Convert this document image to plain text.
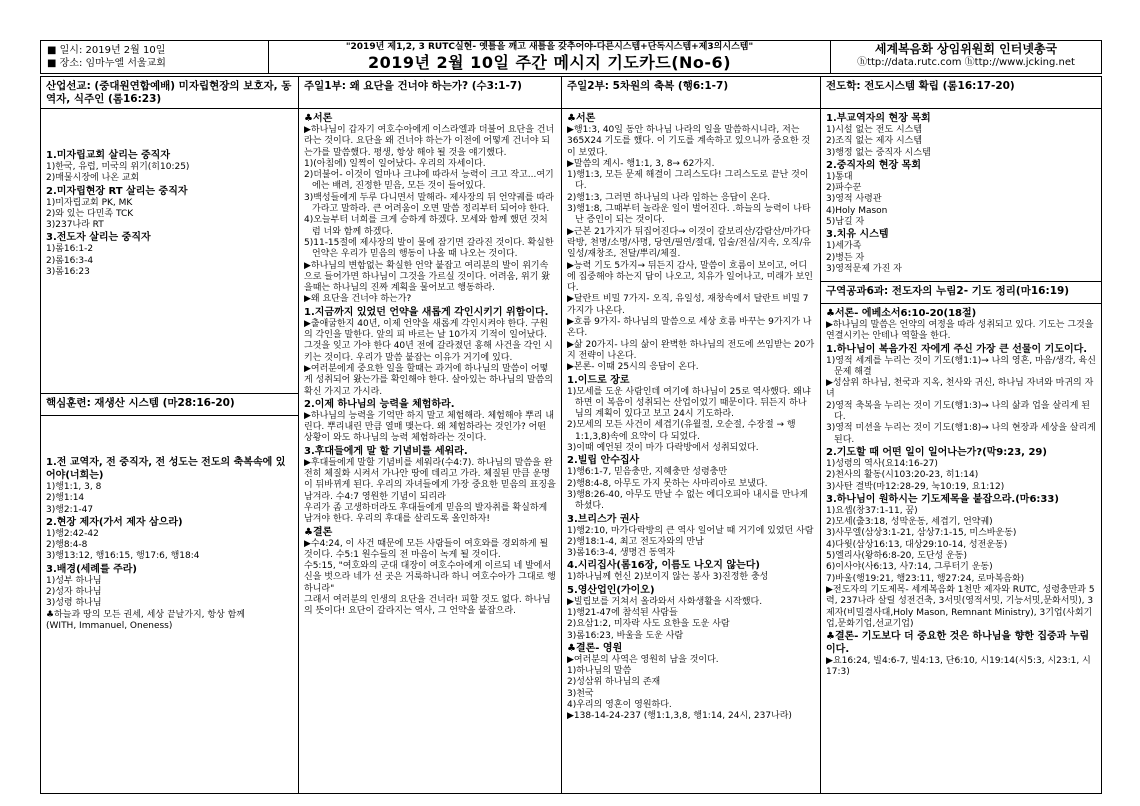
■ 일시: 2019년 2월 10일
■ 장소: 임마누엘 서울교회
"2019년 제1,2, 3 RUTC실현- 옛틀을 깨고 새틀을 갖추어야-다른시스템+단독시스템+제3의시스템"
2019년 2월 10일 주간 메시지 기도카드(No-6)
세계복음화 상임위원회 인터넷총국
ⓗttp://data.rutc.com ⓗttp://www.jcking.net
산업선교: (중대원연합예배) 미자립현장의 보호자, 동역자, 식주인 (롬16:23)

1.미자립교회 살리는 중직자

1)한국, 유럽, 미국의 위기(히10:25)

2)매물시장에 나온 교회

2.미자립현장 RT 살리는 중직자

1)미자립교회 PK, MK

2)와 있는 다민족 TCK

3)237나라 RT

3.전도자 살리는 중직자

1)롬16:1-2

2)롬16:3-4

3)롬16:23

핵심훈련: 재생산 시스템 (마28:16-20)

1.전 교역자, 전 중직자, 전 성도는 전도의 축복속에 있어야(너희는)

1)행1:1, 3, 8

2)행1:14

3)행2:1-47

2.현장 제자(가서 제자 삼으라)

1)행2:42-42

2)행8:4-8

3)행13:12, 행16:15, 행17:6, 행18:4

3.배경(세례를 주라)

1)성부 하나님

2)성자 하나님

3)성령 하나님

♣하늘과 땅의 모든 권세, 세상 끝날가지, 항상 함께

(WITH, Immanuel, Oneness)

주일1부: 왜 요단을 건너야 하는가? (수3:1-7)

♣서론

▶하나님이 갑자기 여호수아에게 이스라엘과 더불어 요단을 건너라는 것이다. 요단을 왜 건너야 하는가 이전에 어떻게 건너야 되는가를 말씀했다. 평생, 항상 해야 될 것을 얘기했다.

1)(아침에) 일찍이 일어났다- 우리의 자세이다.

2)더불어- 이것이 얼마나 크냐에 따라서 능력이 크고 작고...여기에는 배려, 진정한 믿음, 모든 것이 들어있다.

3)백성들에게 두루 다니면서 말해라- 제사장의 뒤 언약궤를 따라가라고 말하라. 큰 어려움이 오면 말씀 정리부터 되어야 한다.

4)오늘부터 너희를 크게 승하게 하겠다. 모세와 함께 했던 것처럼 너와 함께 하겠다.

5)11-15절에 제사장의 발이 물에 잠기면 갈라진 것이다. 확실한 언약은 우리가 믿음의 행동이 나올 때 나오는 것이다.

▶하나님의 변함없는 확실한 언약 붙잡고 여리분의 발이 위기속으로 들어가면 하나님이 그것을 가르실 것이다. 어려움, 위기 왔을때는 하나님의 진짜 계획을 물어보고 행동하라.

▶왜 요단을 건너야 하는가?

1.지금까지 있었던 언약을 새롭게 각인시키기 위함이다.

▶출애굽한지 40년, 이제 언약을 새롭게 각인시켜야 한다. 구원의 각인을 말한다. 앞의 피 바르는 날 10가지 기적이 일어났다. 그것을 잊고 가야 한다 40년 전에 갈라졌던 홍해 사건을 각인 시키는 것이다. 우리가 말씀 붙잡는 이유가 거기에 있다.

▶여러분에게 중요한 일을 할때는 과거에 하나님의 말씀이 어떻게 성취되어 왔는가를 확인해야 한다. 살아있는 하나님의 말씀의 확신 가지고 가시라.

2.이제 하나님의 능력을 체험하라.

▶하나님의 능력을 기억만 하지 말고 체험해라. 체험해야 뿌리 내린다. 뿌리내린 만큼 열매 맺는다. 왜 체험하라는 것인가? 어떤 상황이 와도 하나님의 능력 체험하라는 것이다.

3.후대들에게 말 할 기념비를 세워라.

▶후대들에게 말할 기념비를 세워라(수4:7). 하나님의 말씀을 완전히 체질화 시켜서 가나안 땅에 데리고 가라. 체질된 만큼 운명이 뒤바뀌게 된다. 우리의 자녀들에게 가장 중요한 믿음의 표징을 남겨라. 수4:7 영원한 기념이 되리라

우리가 좀 고생하더라도 후대들에게 믿음의 발자취를 확실하게 남겨야 한다. 우리의 후대를 살리도록 올인하자!

♣결론

▶수4:24, 이 사건 때문에 모든 사람들이 여호와를 경외하게 될 것이다. 수5:1 원수들의 전 마음이 녹게 될 것이다.

수5:15, "여호와의 군대 대장이 여호수아에게 이르되 네 발에서 신을 벗으라 네가 선 곳은 거룩하니라 하니 여호수아가 그대로 행하니라"

그래서 여러분의 인생의 요단을 건너라! 피할 것도 없다. 하나님의 뜻이다! 요단이 갈라지는 역사, 그 언약을 붙잡으라.

주일2부: 5차원의 축복 (행6:1-7)

♣서론

▶행1:3, 40일 동안 하나님 나라의 일을 말씀하시니라, 저는 365X24 기도를 했다. 이 기도를 계속하고 있으니까 중요한 것이 보였다.

▶말씀의 계시- 행1:1, 3, 8→ 62가지.

1)행1:3, 모든 문제 해결이 그리스도다! 그리스도로 끝난 것이다.

2)행1:3, 그러면 하나님의 나라 임하는 응답이 온다.

3)행1:8, 그때부터 놀라운 일이 벌어진다. .하늘의 능력이 나타난 증인이 되는 것이다.

▶근본 21가지가 뒤집어진다→ 이것이 갈보리산/감람산/마가다락방, 천명/소명/사명, 당연/필연/절대, 입술/전심/지속, 오직/유일성/재창조, 전달/뿌리/체질.

▶능력 기도 5가지→ 뒤든지 감사, 말씀이 흐름이 보이고, 어디에 집중해야 하는지 답이 나오고, 치유가 일어나고, 미래가 보인다.

▶달란트 비밀 7가지- 오직, 유일성, 재창속에서 달란트 비밀 7가지가 나온다.

▶흐름 9가지- 하나님의 말씀으로 세상 흐름 바꾸는 9가지가 나온다.

▶삶 20가지- 나의 삶이 완벽한 하나님의 전도에 쓰임받는 20가지 전략이 나온다.

▶본론- 이때 25시의 응답이 온다.

1.이드로 장로

1)모세를 도운 사람인데 여기에 하나님이 25로 역사했다. 왜냐하면 이 복음이 성취되는 산업이었기 때문이다. 뒤든지 하나님의 계획이 있다고 보고 24시 기도하라.

2)모세의 모든 사건이 세겹기(유월절, 오순절, 수장절 → 행1:1,3,8)속에 요약이 다 되었다.

3)이때 예언된 것이 마가 다락방에서 성취되었다.

2.빌립 안수집사

1)행6:1-7, 믿음충만, 지혜충만 성령충만

2)행8:4-8, 아무도 가지 못하는 사마리아로 보냈다.

3)행8:26-40, 아무도 만날 수 없는 에디오피아 내시를 만나게 하셨다.

3.브리스가 권사

1)행2:10, 마가다락방의 큰 역사 일어날 때 거기에 있었던 사람

2)행18:1-4, 최고 전도자와의 만남

3)롬16:3-4, 생명건 동역자

4.시리집사(롬16장, 이름도 나오지 않는다)

1)하나님께 헌신 2)보이지 않는 봉사 3)진정한 충성

5.영산업인(가이오)

▶빌립보를 거쳐서 올라와서 사화생활을 시작했다.

1)행21-47에 참석된 사람들

2)요삼1:2, 미자락 사도 요한을 도운 사람

3)롬16:23, 바울을 도운 사람

♣결론- 영원

▶여러분의 사역은 영원히 남을 것이다.

1)하나님의 말씀

2)성삼위 하나님의 존재

3)천국

4)우리의 영혼이 영원하다.

▶138-14-24-237 (행1:1,3,8, 행1:14, 24시, 237나라)

전도학: 전도시스템 확립 (롬16:17-20)

1.부교역자의 현장 목회

1)시설 없는 전도 시스템

2)조직 없는 제자 시스템

3)행정 없는 중직자 시스템

2.중직자의 현장 목회

1)통대

2)파수꾼

3)영적 사령관

4)Holy Mason

5)남길 자

3.치유 시스템

1)세가족

2)병든 자

3)영적문제 가진 자

구역공과6과: 전도자의 누림2- 기도 정리(마16:19)

♣서론- 에베소서6:10-20(18절)

▶하나님의 말씀은 언약의 여정을 따라 성취되고 있다. 기도는 그것을 연결시키는 안테나 역할을 한다.

1.하나님이 복음가진 자에게 주신 가장 큰 선물이 기도이다.

1)영적 세계를 누리는 것이 기도(행1:1)→ 나의 영혼, 마음/생각, 육신 문제 해결

▶성삼위 하나님, 천국과 지옥, 천사와 귀신, 하나님 자녀와 마귀의 자녀

2)영적 축복을 누리는 것이 기도(행1:3)→ 나의 삶과 업을 살리게 된다.

3)영적 미션을 누리는 것이 기도(행1:8)→ 나의 현장과 세상을 살리게 된다.

2.기도할 때 어떤 일이 일어나는가?(막9:23, 29)

1)성령의 역사(요14:16-27)

2)천사의 활동(시103:20-23, 히1:14)

3)사탄 결박(마12:28-29, 눅10:19, 요1:12)

3.하나님이 원하시는 기도제목을 붙잡으라.(마6:33)

1)요셉(창37:1-11, 꿈)

2)모세(출3:18, 성막운동, 세겹기, 언약궤)

3)사무엘(삼상3:1-21, 삼상7:1-15, 미스바운동)

4)다윗(삼상16:13, 대상29:10-14, 성전운동)

5)엘리사(왕하6:8-20, 도단성 운동)

6)이사야(사6:13, 사7:14, 그루터기 운동)

7)바울(행19:21, 행23:11, 행27:24, 로마복음화)

▶전도자의 기도제목- 세계복음화 1천만 제자와 RUTC, 성령충만과 5력, 237나라 살릴 성전건축, 3서밋(영적서밋, 기능서밋,문화서밋), 3제자(비밀결사대,Holy Mason, Remnant Ministry), 3기업(사회기업,문화기업,선교기업)

♣결론- 기도보다 더 중요한 것은 하나님을 향한 집중과 누림이다.

▶요16:24, 빌4:6-7, 빌4:13, 단6:10, 시19:14(시5:3, 시23:1, 시17:3)
